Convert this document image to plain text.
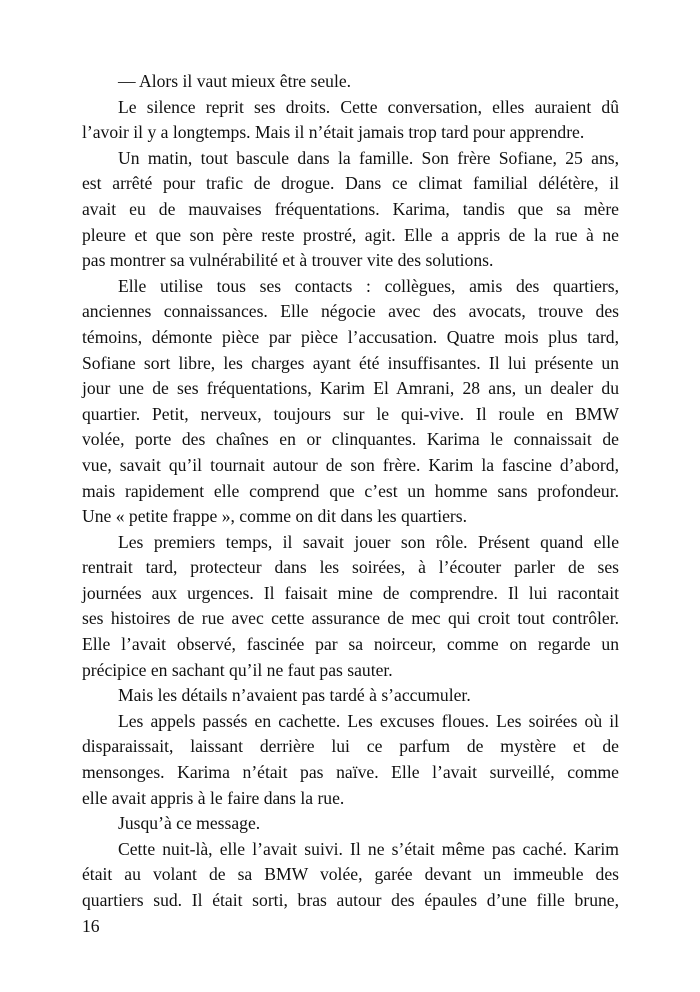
— Alors il vaut mieux être seule.
Le silence reprit ses droits. Cette conversation, elles auraient dû
l’avoir il y a longtemps. Mais il n’était jamais trop tard pour apprendre.
Un matin, tout bascule dans la famille. Son frère Sofiane, 25 ans,
est arrêté pour trafic de drogue. Dans ce climat familial délétère, il
avait eu de mauvaises fréquentations. Karima, tandis que sa mère
pleure et que son père reste prostré, agit. Elle a appris de la rue à ne
pas montrer sa vulnérabilité et à trouver vite des solutions.
Elle utilise tous ses contacts : collègues, amis des quartiers,
anciennes connaissances. Elle négocie avec des avocats, trouve des
témoins, démonte pièce par pièce l’accusation. Quatre mois plus tard,
Sofiane sort libre, les charges ayant été insuffisantes. Il lui présente un
jour une de ses fréquentations, Karim El Amrani, 28 ans, un dealer du
quartier. Petit, nerveux, toujours sur le qui-vive. Il roule en BMW
volée, porte des chaînes en or clinquantes. Karima le connaissait de
vue, savait qu’il tournait autour de son frère. Karim la fascine d’abord,
mais rapidement elle comprend que c’est un homme sans profondeur.
Une « petite frappe », comme on dit dans les quartiers.
Les premiers temps, il savait jouer son rôle. Présent quand elle
rentrait tard, protecteur dans les soirées, à l’écouter parler de ses
journées aux urgences. Il faisait mine de comprendre. Il lui racontait
ses histoires de rue avec cette assurance de mec qui croit tout contrôler.
Elle l’avait observé, fascinée par sa noirceur, comme on regarde un
précipice en sachant qu’il ne faut pas sauter.
Mais les détails n’avaient pas tardé à s’accumuler.
Les appels passés en cachette. Les excuses floues. Les soirées où il
disparaissait, laissant derrière lui ce parfum de mystère et de
mensonges. Karima n’était pas naïve. Elle l’avait surveillé, comme
elle avait appris à le faire dans la rue.
Jusqu’à ce message.
Cette nuit-là, elle l’avait suivi. Il ne s’était même pas caché. Karim
était au volant de sa BMW volée, garée devant un immeuble des
quartiers sud. Il était sorti, bras autour des épaules d’une fille brune,
16
